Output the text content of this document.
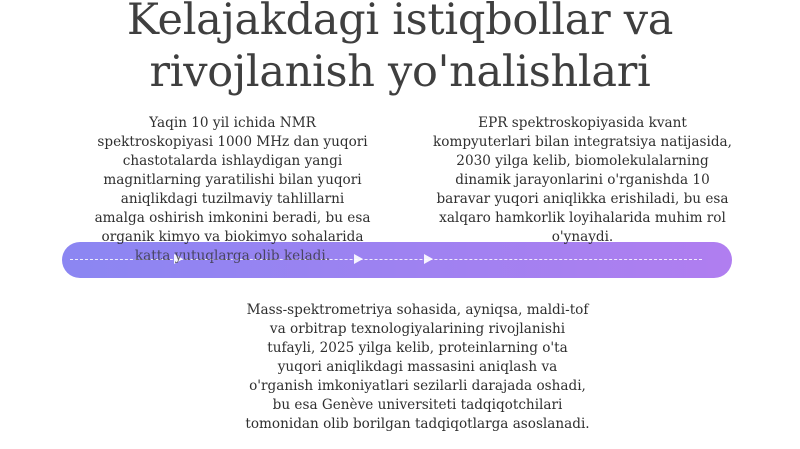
Kelajakdagi istiqbollar va
rivojlanish yo'nalishlari
Yaqin 10 yil ichida NMR
spektroskopiyasi 1000 MHz dan yuqori
chastotalarda ishlaydigan yangi
magnitlarning yaratilishi bilan yuqori
aniqlikdagi tuzilmaviy tahlillarni
amalga oshirish imkonini beradi, bu esa
organik kimyo va biokimyo sohalarida
katta yutuqlarga olib keladi.
EPR spektroskopiyasida kvant
kompyuterlari bilan integratsiya natijasida,
2030 yilga kelib, biomolekulalarning
dinamik jarayonlarini o'rganishda 10
baravar yuqori aniqlikka erishiladi, bu esa
xalqaro hamkorlik loyihalarida muhim rol
o'ynaydi.
Mass-spektrometriya sohasida, ayniqsa, maldi-tof
va orbitrap texnologiyalarining rivojlanishi
tufayli, 2025 yilga kelib, proteinlarning o'ta
yuqori aniqlikdagi massasini aniqlash va
o'rganish imkoniyatlari sezilarli darajada oshadi,
bu esa Genève universiteti tadqiqotchilari
tomonidan olib borilgan tadqiqotlarga asoslanadi.
